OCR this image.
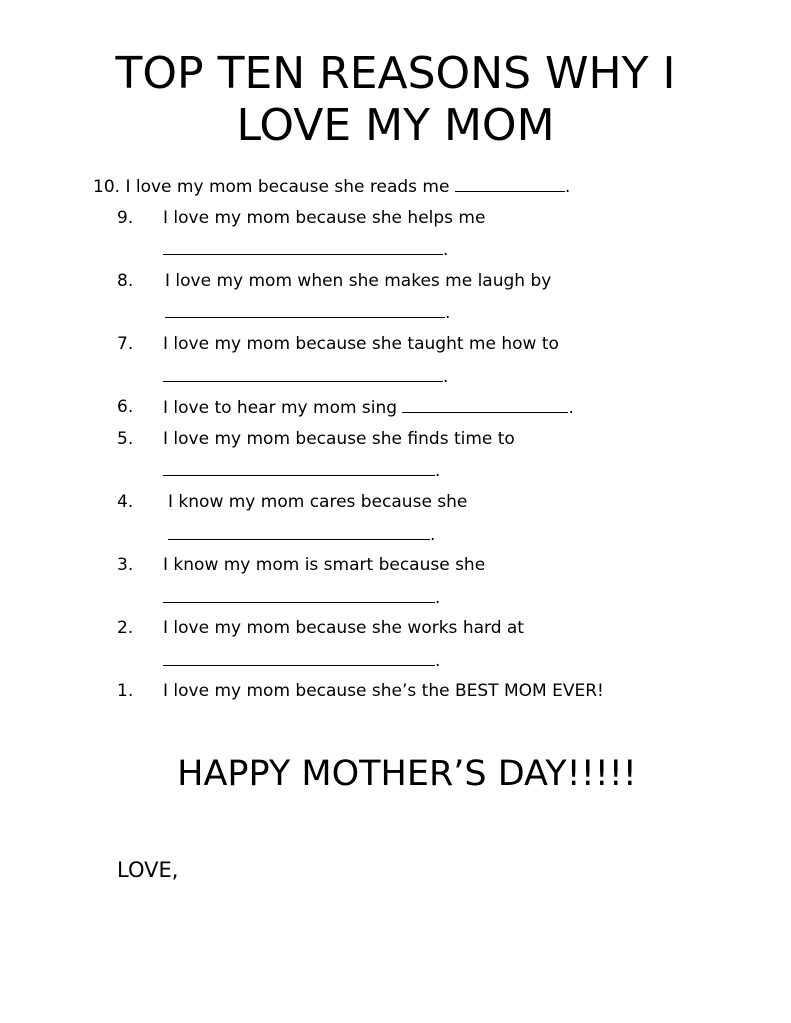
TOP TEN REASONS WHY I
LOVE MY MOM
10. I love my mom because she reads me	.
9. I love my mom because she helps me
.
8. I love my mom when she makes me laugh by
.
7. I love my mom because she taught me how to
.
6. I love to hear my mom sing	.
5. I love my mom because she finds time to
.
4. I know my mom cares because she
.
3. I know my mom is smart because she
.
2. I love my mom because she works hard at
.
1. I love my mom because she’s the BEST MOM EVER!
HAPPY MOTHER’S DAY!!!!!
LOVE,
